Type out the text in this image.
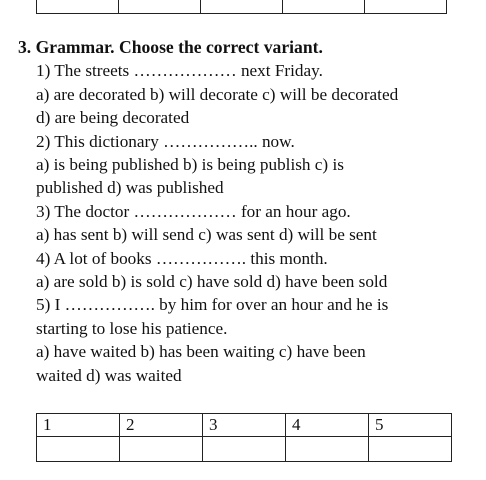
3. Grammar. Choose the correct variant.
1) The streets ……………… next Friday.
a) are decorated b) will decorate c) will be decorated
d) are being decorated
2) This dictionary …………….. now.
a) is being published b) is being publish c) is
published d) was published
3) The doctor ……………… for an hour ago.
a) has sent b) will send c) was sent d) will be sent
4) A lot of books ……………. this month.
a) are sold b) is sold c) have sold d) have been sold
5) I ……………. by him for over an hour and he is
starting to lose his patience.
a) have waited b) has been waiting c) have been
waited d) was waited
1	2	3	4	5
